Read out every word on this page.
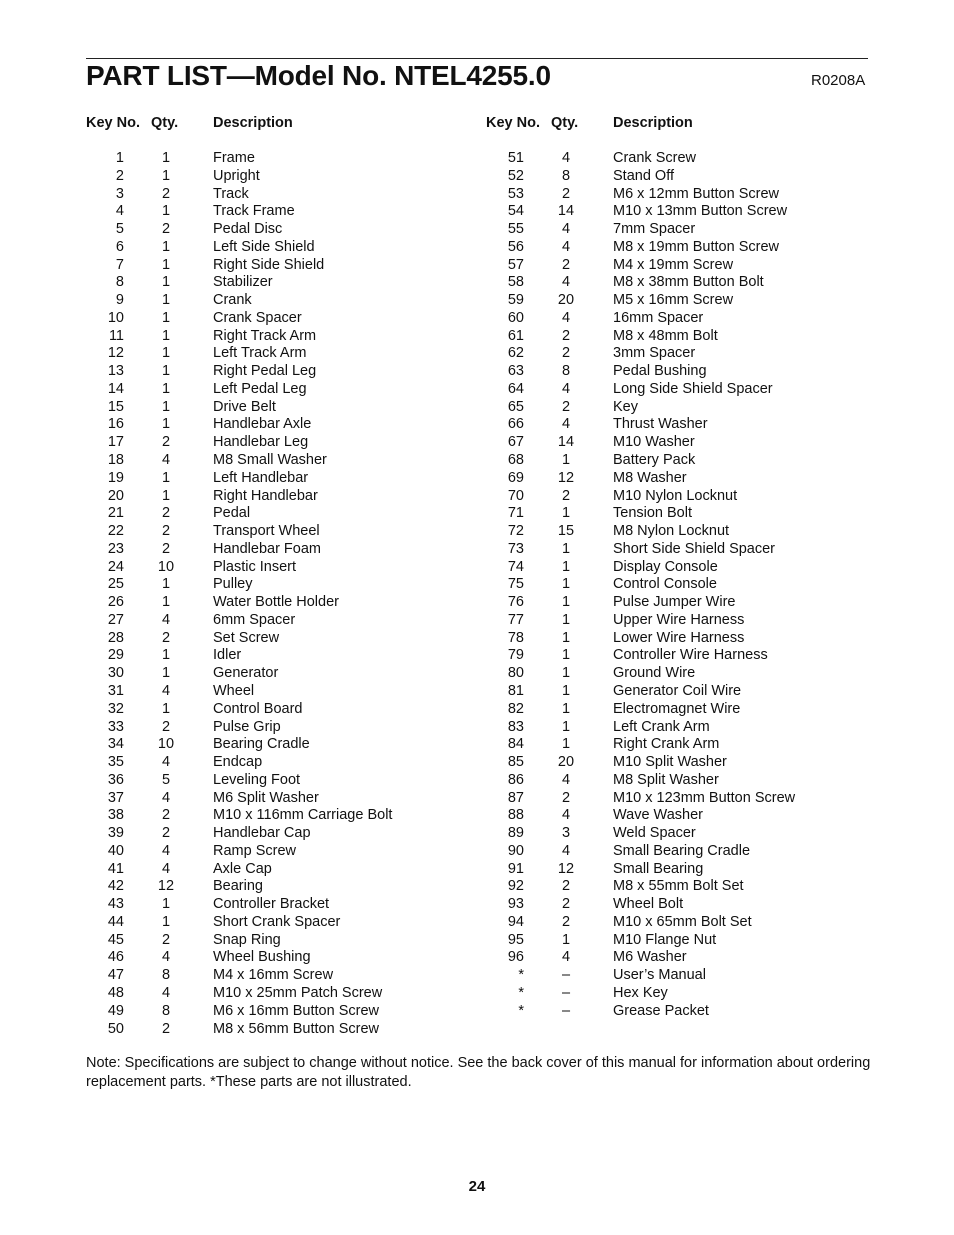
PART LIST—Model No. NTEL4255.0	R0208A
Key No. Qty. Description
1	1	Frame
2	1	Upright
3	2	Track
4	1	Track Frame
5	2	Pedal Disc
6	1	Left Side Shield
7	1	Right Side Shield
8	1	Stabilizer
9	1	Crank
10	1	Crank Spacer
11	1	Right Track Arm
12	1	Left Track Arm
13	1	Right Pedal Leg
14	1	Left Pedal Leg
15	1	Drive Belt
16	1	Handlebar Axle
17	2	Handlebar Leg
18	4	M8 Small Washer
19	1	Left Handlebar
20	1	Right Handlebar
21	2	Pedal
22	2	Transport Wheel
23	2	Handlebar Foam
24 10	Plastic Insert
25	1	Pulley
26	1	Water Bottle Holder
27	4	6mm Spacer
28	2	Set Screw
29	1	Idler
30	1	Generator
31	4	Wheel
32	1	Control Board
33	2	Pulse Grip
34 10	Bearing Cradle
35	4	Endcap
36	5	Leveling Foot
37	4	M6 Split Washer
38	2	M10 x 116mm Carriage Bolt
39	2	Handlebar Cap
40	4	Ramp Screw
41	4	Axle Cap
42 12	Bearing
43	1	Controller Bracket
44	1	Short Crank Spacer
45	2	Snap Ring
46	4	Wheel Bushing
47	8	M4 x 16mm Screw
48	4	M10 x 25mm Patch Screw
49	8	M6 x 16mm Button Screw
50	2	M8 x 56mm Button Screw
Key No. Qty. Description
51	4	Crank Screw
52	8	Stand Off
53	2	M6 x 12mm Button Screw
54 14	M10 x 13mm Button Screw
55	4	7mm Spacer
56	4	M8 x 19mm Button Screw
57	2	M4 x 19mm Screw
58	4	M8 x 38mm Button Bolt
59 20	M5 x 16mm Screw
60	4	16mm Spacer
61	2	M8 x 48mm Bolt
62	2	3mm Spacer
63	8	Pedal Bushing
64	4	Long Side Shield Spacer
65	2	Key
66	4	Thrust Washer
67 14	M10 Washer
68	1	Battery Pack
69 12	M8 Washer
70	2	M10 Nylon Locknut
71	1	Tension Bolt
72 15	M8 Nylon Locknut
73	1	Short Side Shield Spacer
74	1	Display Console
75	1	Control Console
76	1	Pulse Jumper Wire
77	1	Upper Wire Harness
78	1	Lower Wire Harness
79	1	Controller Wire Harness
80	1	Ground Wire
81	1	Generator Coil Wire
82	1	Electromagnet Wire
83	1	Left Crank Arm
84	1	Right Crank Arm
85 20	M10 Split Washer
86	4	M8 Split Washer
87	2	M10 x 123mm Button Screw
88	4	Wave Washer
89	3	Weld Spacer
90	4	Small Bearing Cradle
91 12	Small Bearing
92	2	M8 x 55mm Bolt Set
93	2	Wheel Bolt
94	2	M10 x 65mm Bolt Set
95	1	M10 Flange Nut
96	4	M6 Washer
*	–	User’s Manual
*	–	Hex Key
*	–	Grease Packet
Note: Specifications are subject to change without notice. See the back cover of this manual for information about ordering replacement parts. *These parts are not illustrated.
24
